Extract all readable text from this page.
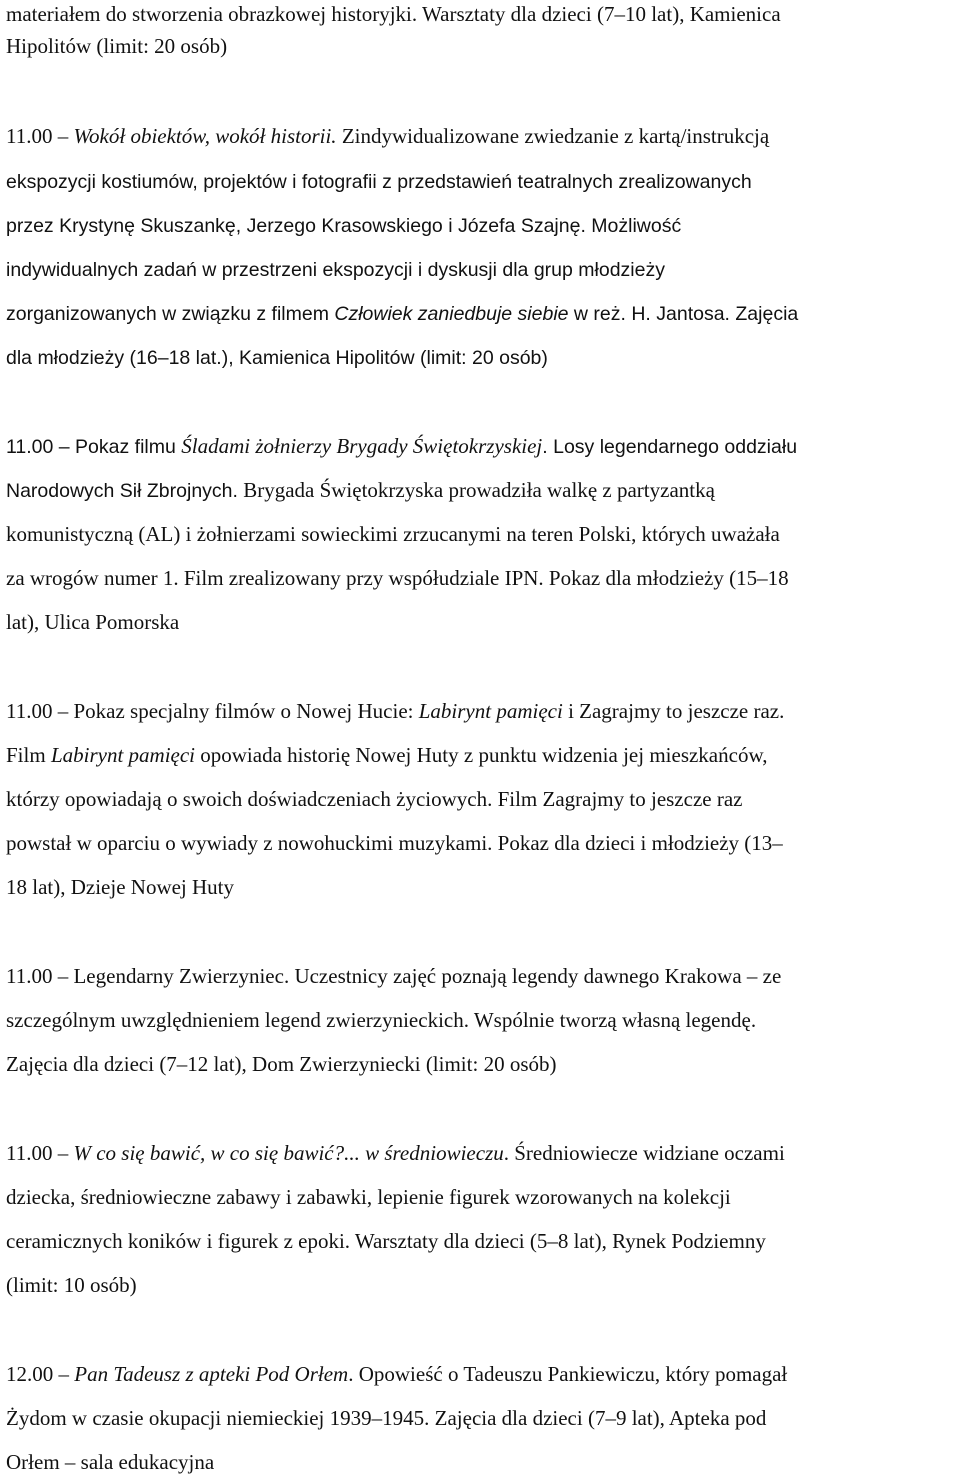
materiałem do stworzenia obrazkowej historyjki. Warsztaty dla dzieci (7–10 lat), Kamienica
Hipolitów (limit: 20 osób)
11.00 – Wokół obiektów, wokół historii. Zindywidualizowane zwiedzanie z kartą/instrukcją
ekspozycji kostiumów, projektów i fotografii z przedstawień teatralnych zrealizowanych
przez Krystynę Skuszankę, Jerzego Krasowskiego i Józefa Szajnę. Możliwość
indywidualnych zadań w przestrzeni ekspozycji i dyskusji dla grup młodzieży
zorganizowanych w związku z filmem Człowiek zaniedbuje siebie w reż. H. Jantosa. Zajęcia
dla młodzieży (16–18 lat.), Kamienica Hipolitów (limit: 20 osób)
11.00 – Pokaz filmu Śladami żołnierzy Brygady Świętokrzyskiej. Losy legendarnego oddziału
Narodowych Sił Zbrojnych. Brygada Świętokrzyska prowadziła walkę z partyzantką
komunistyczną (AL) i żołnierzami sowieckimi zrzucanymi na teren Polski, których uważała
za wrogów numer 1. Film zrealizowany przy współudziale IPN. Pokaz dla młodzieży (15–18
lat), Ulica Pomorska
11.00 – Pokaz specjalny filmów o Nowej Hucie: Labirynt pamięci i Zagrajmy to jeszcze raz.
Film Labirynt pamięci opowiada historię Nowej Huty z punktu widzenia jej mieszkańców,
którzy opowiadają o swoich doświadczeniach życiowych. Film Zagrajmy to jeszcze raz
powstał w oparciu o wywiady z nowohuckimi muzykami. Pokaz dla dzieci i młodzieży (13–
18 lat), Dzieje Nowej Huty
11.00 – Legendarny Zwierzyniec. Uczestnicy zajęć poznają legendy dawnego Krakowa – ze
szczególnym uwzględnieniem legend zwierzynieckich. Wspólnie tworzą własną legendę.
Zajęcia dla dzieci (7–12 lat), Dom Zwierzyniecki (limit: 20 osób)
11.00 – W co się bawić, w co się bawić?... w średniowieczu. Średniowiecze widziane oczami
dziecka, średniowieczne zabawy i zabawki, lepienie figurek wzorowanych na kolekcji
ceramicznych koników i figurek z epoki. Warsztaty dla dzieci (5–8 lat), Rynek Podziemny
(limit: 10 osób)
12.00 – Pan Tadeusz z apteki Pod Orłem. Opowieść o Tadeuszu Pankiewiczu, który pomagał
Żydom w czasie okupacji niemieckiej 1939–1945. Zajęcia dla dzieci (7–9 lat), Apteka pod
Orłem – sala edukacyjna
